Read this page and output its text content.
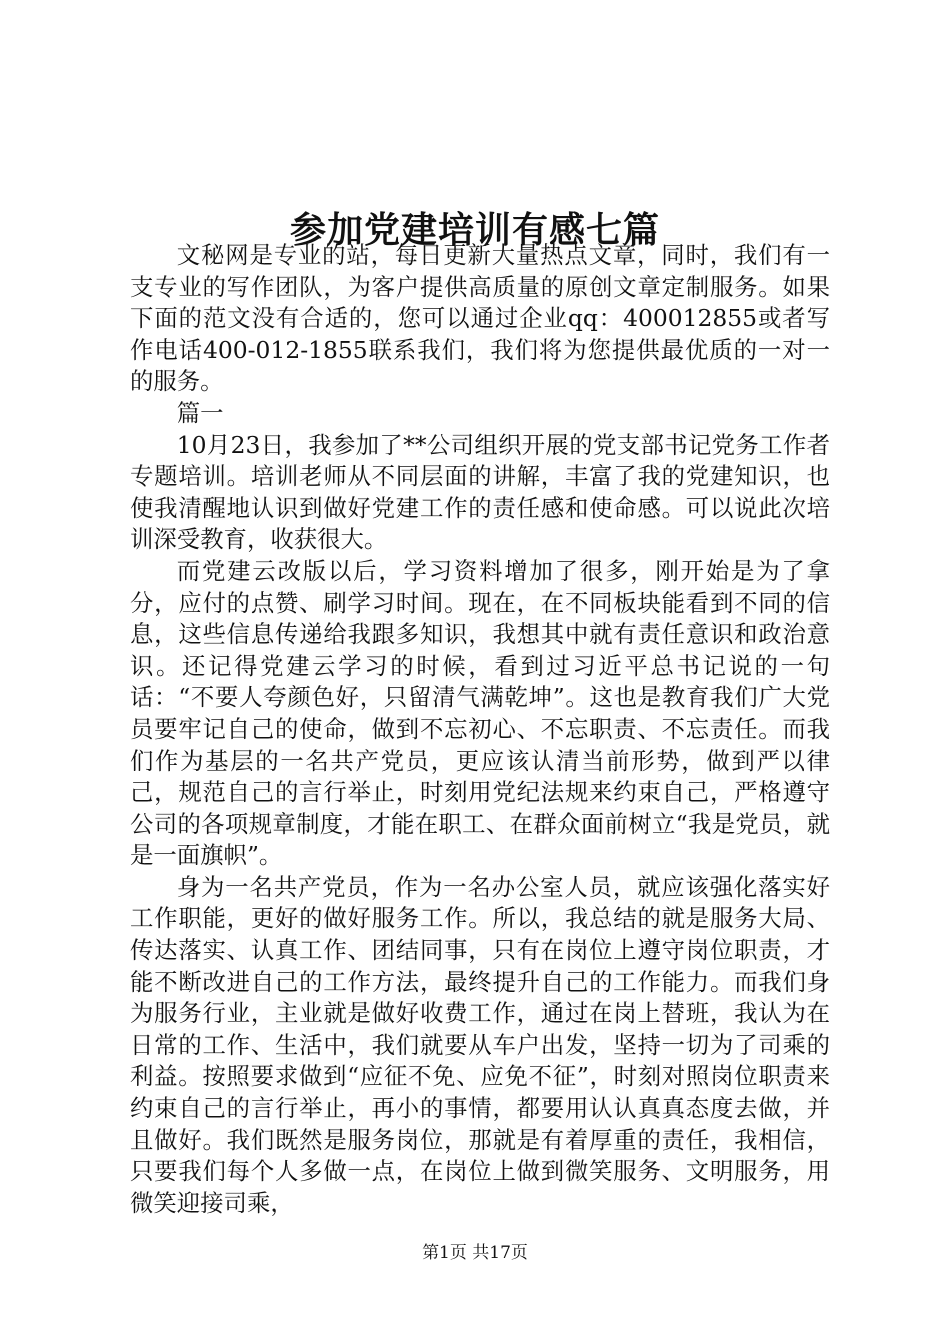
参加党建培训有感七篇

文秘网是专业的站，每日更新大量热点文章，同时，我们有一支专业的写作团队，为客户提供高质量的原创文章定制服务。如果下面的范文没有合适的，您可以通过企业qq：400012855或者写作电话400-012-1855联系我们，我们将为您提供最优质的一对一的服务。

篇一

10月23日，我参加了**公司组织开展的党支部书记党务工作者专题培训。培训老师从不同层面的讲解，丰富了我的党建知识，也使我清醒地认识到做好党建工作的责任感和使命感。可以说此次培训深受教育，收获很大。

而党建云改版以后，学习资料增加了很多，刚开始是为了拿分，应付的点赞、刷学习时间。现在，在不同板块能看到不同的信息，这些信息传递给我跟多知识，我想其中就有责任意识和政治意识。还记得党建云学习的时候，看到过习近平总书记说的一句话：“不要人夸颜色好，只留清气满乾坤”。这也是教育我们广大党员要牢记自己的使命，做到不忘初心、不忘职责、不忘责任。而我们作为基层的一名共产党员，更应该认清当前形势，做到严以律己，规范自己的言行举止，时刻用党纪法规来约束自己，严格遵守公司的各项规章制度，才能在职工、在群众面前树立“我是党员，就是一面旗帜”。

身为一名共产党员，作为一名办公室人员，就应该强化落实好工作职能，更好的做好服务工作。所以，我总结的就是服务大局、传达落实、认真工作、团结同事，只有在岗位上遵守岗位职责，才能不断改进自己的工作方法，最终提升自己的工作能力。而我们身为服务行业，主业就是做好收费工作，通过在岗上替班，我认为在日常的工作、生活中，我们就要从车户出发，坚持一切为了司乘的利益。按照要求做到“应征不免、应免不征”，时刻对照岗位职责来约束自己的言行举止，再小的事情，都要用认认真真态度去做，并且做好。我们既然是服务岗位，那就是有着厚重的责任，我相信，只要我们每个人多做一点，在岗位上做到微笑服务、文明服务，用微笑迎接司乘，

第1页 共17页
